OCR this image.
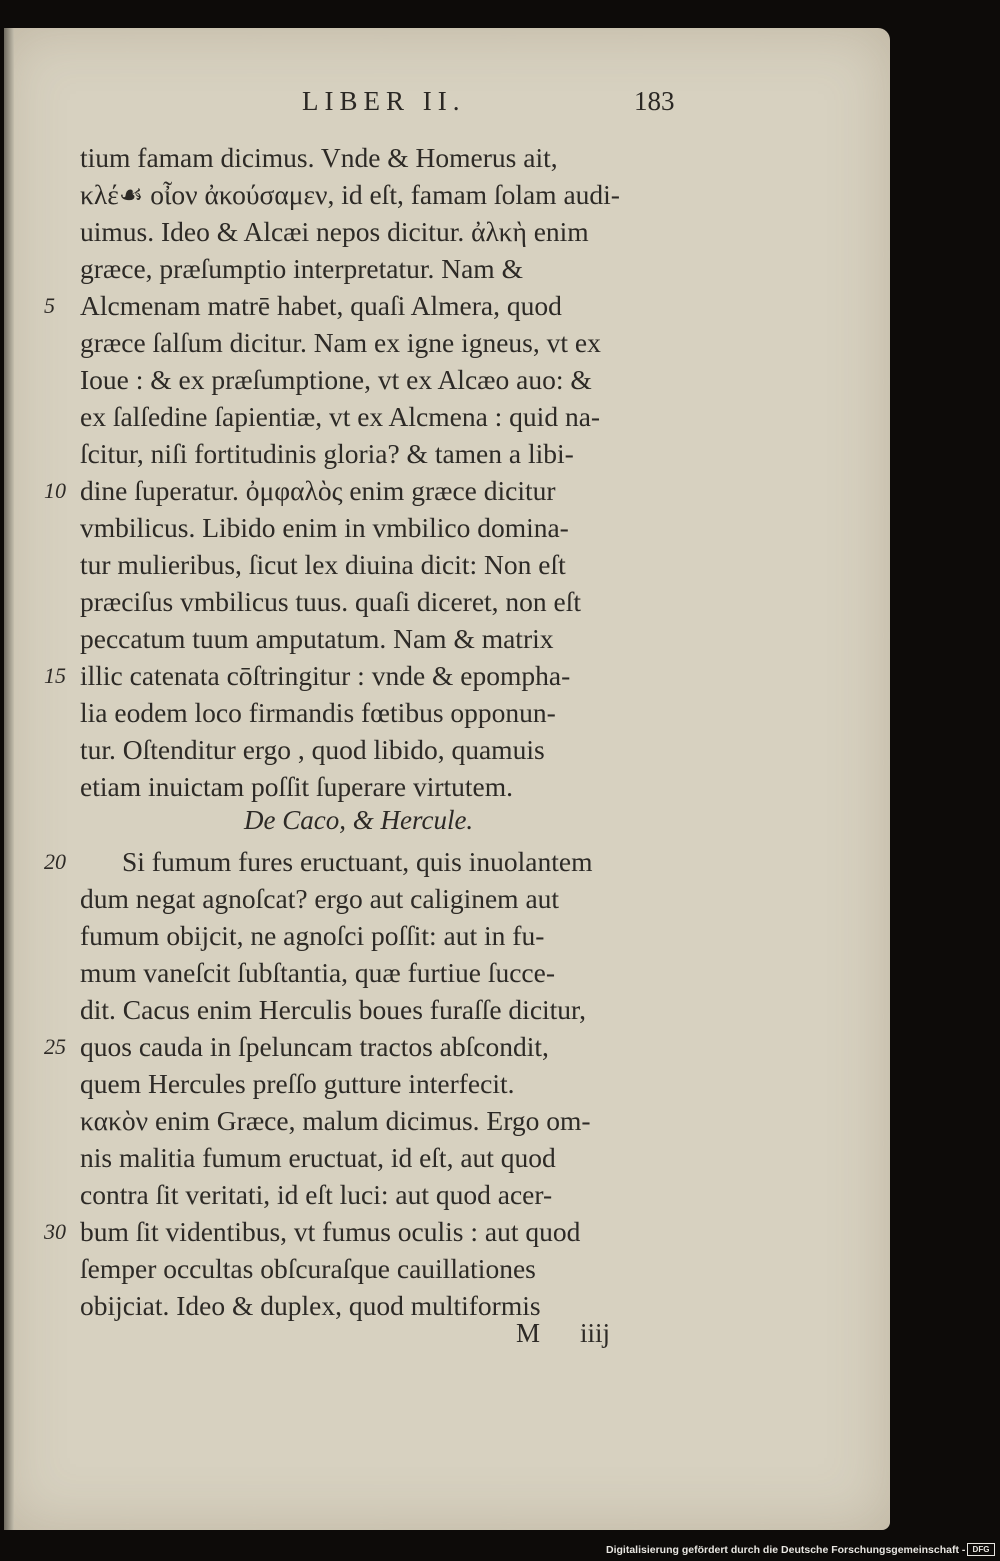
LIBER II.	183
tium famam dicimus. Vnde & Homerus ait,
κλέ☙ οἶον ἀκούσαμεν, id eſt, famam ſolam audi-
uimus. Ideo & Alcæi nepos dicitur. ἀλκὴ enim
græce, præſumptio interpretatur. Nam &
5 Alcmenam matrē habet, quaſi Almera, quod
græce ſalſum dicitur. Nam ex igne igneus, vt ex
Ioue : & ex præſumptione, vt ex Alcæo auo: &
ex ſalſedine ſapientiæ, vt ex Alcmena : quid na-
ſcitur, niſi fortitudinis gloria? & tamen a libi-
10 dine ſuperatur. ὀμφαλὸς enim græce dicitur
vmbilicus. Libido enim in vmbilico domina-
tur mulieribus, ſicut lex diuina dicit: Non eſt
præciſus vmbilicus tuus. quaſi diceret, non eſt
peccatum tuum amputatum. Nam & matrix
15 illic catenata cōſtringitur : vnde & epompha-
lia eodem loco firmandis fœtibus opponun-
tur. Oſtenditur ergo , quod libido, quamuis
etiam inuictam poſſit ſuperare virtutem.
De Caco, & Hercule.
20	Si fumum fures eructuant, quis inuolantem
dum negat agnoſcat? ergo aut caliginem aut
fumum obijcit, ne agnoſci poſſit: aut in fu-
mum vaneſcit ſubſtantia, quæ furtiue ſucce-
dit. Cacus enim Herculis boues furaſſe dicitur,
25 quos cauda in ſpeluncam tractos abſcondit,
quem Hercules preſſo gutture interfecit.
κακὸν enim Græce, malum dicimus. Ergo om-
nis malitia fumum eructuat, id eſt, aut quod
contra ſit veritati, id eſt luci: aut quod acer-
30 bum ſit videntibus, vt fumus oculis : aut quod
ſemper occultas obſcuraſque cauillationes
obijciat. Ideo & duplex, quod multiformis
M iiij
Digitalisierung gefördert durch die Deutsche Forschungsgemeinschaft - DFG
